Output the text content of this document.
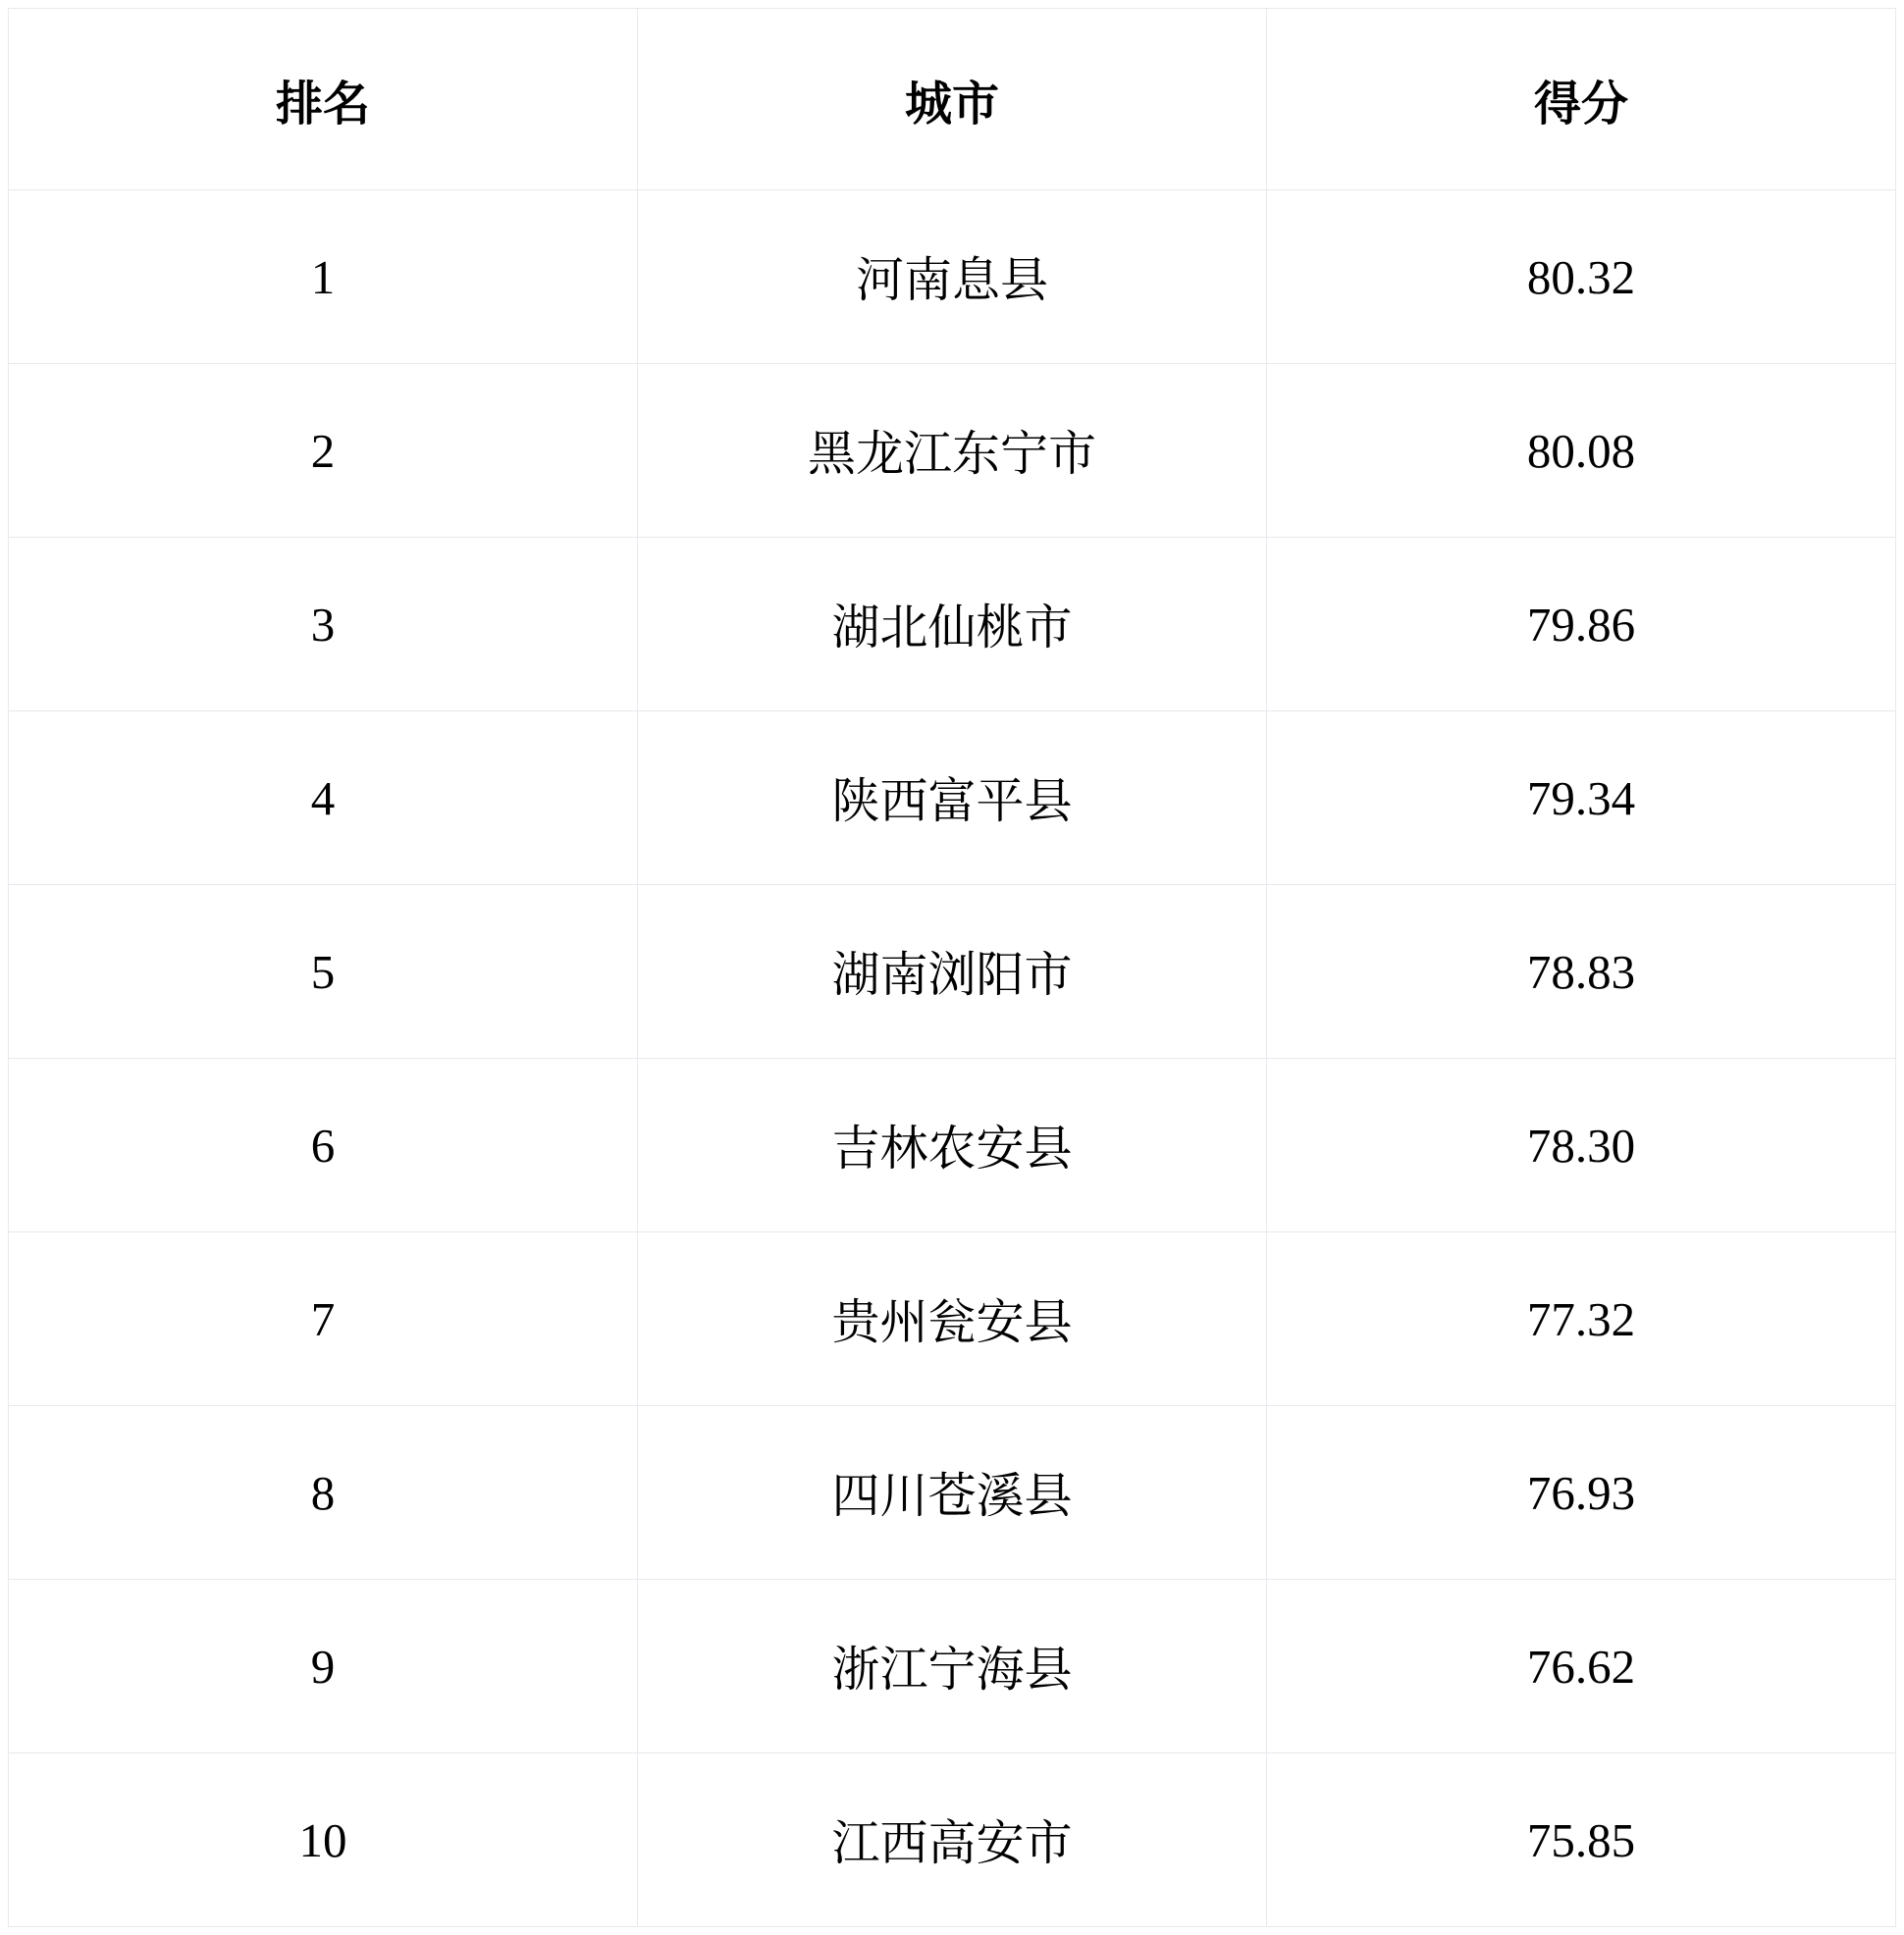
排名	城市	得分
1	河南息县	80.32
2	黑龙江东宁市	80.08
3	湖北仙桃市	79.86
4	陕西富平县	79.34
5	湖南浏阳市	78.83
6	吉林农安县	78.30
7	贵州瓮安县	77.32
8	四川苍溪县	76.93
9	浙江宁海县	76.62
10	江西高安市	75.85
